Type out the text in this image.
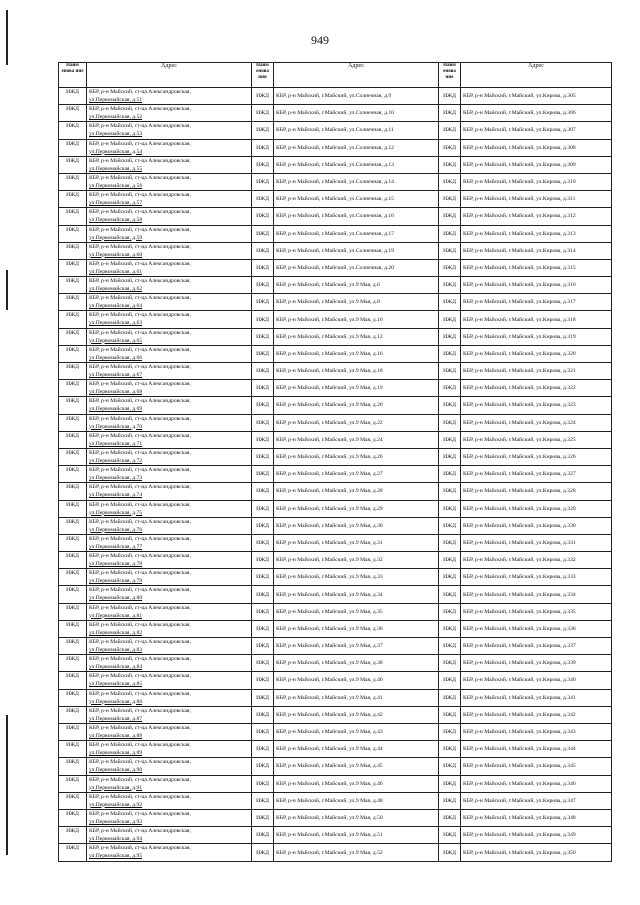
949
Наим енова ние	Адрес	Наим енова ния	Адрес	Наим енова ние	Адрес
ИЖД	КБР, р-н Майский, ст-ца Александровская,
ул.Первомайская, д.51	ИЖД	КБР, р-н Майский, г.Майский, ул.Солнечная, д.9	ИЖД	КБР, р-н Майский, г.Майский, ул.Кирова, д.305
ИЖД	КБР, р-н Майский, ст-ца Александровская,
ул.Первомайская, д.52	ИЖД	КБР, р-н Майский, г.Майский, ул.Солнечная, д.10	ИЖД	КБР, р-н Майский, г.Майский, ул.Кирова, д.306
ИЖД	КБР, р-н Майский, ст-ца Александровская,
ул.Первомайская, д.53	ИЖД	КБР, р-н Майский, г.Майский, ул.Солнечная, д.11	ИЖД	КБР, р-н Майский, г.Майский, ул.Кирова, д.307
ИЖД	КБР, р-н Майский, ст-ца Александровская,
ул.Первомайская, д.54	ИЖД	КБР, р-н Майский, г.Майский, ул.Солнечная, д.12	ИЖД	КБР, р-н Майский, г.Майский, ул.Кирова, д.308
ИЖД	КБР, р-н Майский, ст-ца Александровская,
ул.Первомайская, д.55	ИЖД	КБР, р-н Майский, г.Майский, ул.Солнечная, д.13	ИЖД	КБР, р-н Майский, г.Майский, ул.Кирова, д.309
ИЖД	КБР, р-н Майский, ст-ца Александровская,
ул.Первомайская, д.56	ИЖД	КБР, р-н Майский, г.Майский, ул.Солнечная, д.14	ИЖД	КБР, р-н Майский, г.Майский, ул.Кирова, д.310
ИЖД	КБР, р-н Майский, ст-ца Александровская,
ул.Первомайская, д.57	ИЖД	КБР, р-н Майский, г.Майский, ул.Солнечная, д.15	ИЖД	КБР, р-н Майский, г.Майский, ул.Кирова, д.311
ИЖД	КБР, р-н Майский, ст-ца Александровская,
ул.Первомайская, д.58	ИЖД	КБР, р-н Майский, г.Майский, ул.Солнечная, д.16	ИЖД	КБР, р-н Майский, г.Майский, ул.Кирова, д.312
ИЖД	КБР, р-н Майский, ст-ца Александровская,
ул.Первомайская, д.59	ИЖД	КБР, р-н Майский, г.Майский, ул.Солнечная, д.17	ИЖД	КБР, р-н Майский, г.Майский, ул.Кирова, д.313
ИЖД	КБР, р-н Майский, ст-ца Александровская,
ул.Первомайская, д.60	ИЖД	КБР, р-н Майский, г.Майский, ул.Солнечная, д.19	ИЖД	КБР, р-н Майский, г.Майский, ул.Кирова, д.314
ИЖД	КБР, р-н Майский, ст-ца Александровская,
ул.Первомайская, д.61	ИЖД	КБР, р-н Майский, г.Майский, ул.Солнечная, д.20	ИЖД	КБР, р-н Майский, г.Майский, ул.Кирова, д.315
ИЖД	КБР, р-н Майский, ст-ца Александровская,
ул.Первомайская, д.62	ИЖД	КБР, р-н Майский, г.Майский, ул.9 Мая, д.6	ИЖД	КБР, р-н Майский, г.Майский, ул.Кирова, д.316
ИЖД	КБР, р-н Майский, ст-ца Александровская,
ул.Первомайская, д.64	ИЖД	КБР, р-н Майский, г.Майский, ул.9 Мая, д.8	ИЖД	КБР, р-н Майский, г.Майский, ул.Кирова, д.317
ИЖД	КБР, р-н Майский, ст-ца Александровская,
ул.Первомайская, д.63	ИЖД	КБР, р-н Майский, г.Майский, ул.9 Мая, д.10	ИЖД	КБР, р-н Майский, г.Майский, ул.Кирова, д.318
ИЖД	КБР, р-н Майский, ст-ца Александровская,
ул.Первомайская, д.65	ИЖД	КБР, р-н Майский, г.Майский, ул.9 Мая, д.12	ИЖД	КБР, р-н Майский, г.Майский, ул.Кирова, д.319
ИЖД	КБР, р-н Майский, ст-ца Александровская,
ул.Первомайская, д.66	ИЖД	КБР, р-н Майский, г.Майский, ул.9 Мая, д.16	ИЖД	КБР, р-н Майский, г.Майский, ул.Кирова, д.320
ИЖД	КБР, р-н Майский, ст-ца Александровская,
ул.Первомайская, д.67	ИЖД	КБР, р-н Майский, г.Майский, ул.9 Мая, д.18	ИЖД	КБР, р-н Майский, г.Майский, ул.Кирова, д.321
ИЖД	КБР, р-н Майский, ст-ца Александровская,
ул.Первомайская, д.68	ИЖД	КБР, р-н Майский, г.Майский, ул.9 Мая, д.19	ИЖД	КБР, р-н Майский, г.Майский, ул.Кирова, д.322
ИЖД	КБР, р-н Майский, ст-ца Александровская,
ул.Первомайская, д.69	ИЖД	КБР, р-н Майский, г.Майский, ул.9 Мая, д.20	ИЖД	КБР, р-н Майский, г.Майский, ул.Кирова, д.323
ИЖД	КБР, р-н Майский, ст-ца Александровская,
ул.Первомайская, д.70	ИЖД	КБР, р-н Майский, г.Майский, ул.9 Мая, д.22	ИЖД	КБР, р-н Майский, г.Майский, ул.Кирова, д.324
ИЖД	КБР, р-н Майский, ст-ца Александровская,
ул.Первомайская, д.71	ИЖД	КБР, р-н Майский, г.Майский, ул.9 Мая, д.24	ИЖД	КБР, р-н Майский, г.Майский, ул.Кирова, д.325
ИЖД	КБР, р-н Майский, ст-ца Александровская,
ул.Первомайская, д.72	ИЖД	КБР, р-н Майский, г.Майский, ул.9 Мая, д.26	ИЖД	КБР, р-н Майский, г.Майский, ул.Кирова, д.326
ИЖД	КБР, р-н Майский, ст-ца Александровская,
ул.Первомайская, д.73	ИЖД	КБР, р-н Майский, г.Майский, ул.9 Мая, д.27	ИЖД	КБР, р-н Майский, г.Майский, ул.Кирова, д.327
ИЖД	КБР, р-н Майский, ст-ца Александровская,
ул.Первомайская, д.74	ИЖД	КБР, р-н Майский, г.Майский, ул.9 Мая, д.28	ИЖД	КБР, р-н Майский, г.Майский, ул.Кирова, д.328
ИЖД	КБР, р-н Майский, ст-ца Александровская,
ул.Первомайская, д.75	ИЖД	КБР, р-н Майский, г.Майский, ул.9 Мая, д.29	ИЖД	КБР, р-н Майский, г.Майский, ул.Кирова, д.329
ИЖД	КБР, р-н Майский, ст-ца Александровская,
ул.Первомайская, д.76	ИЖД	КБР, р-н Майский, г.Майский, ул.9 Мая, д.30	ИЖД	КБР, р-н Майский, г.Майский, ул.Кирова, д.330
ИЖД	КБР, р-н Майский, ст-ца Александровская,
ул.Первомайская, д.77	ИЖД	КБР, р-н Майский, г.Майский, ул.9 Мая, д.31	ИЖД	КБР, р-н Майский, г.Майский, ул.Кирова, д.331
ИЖД	КБР, р-н Майский, ст-ца Александровская,
ул.Первомайская, д.78	ИЖД	КБР, р-н Майский, г.Майский, ул.9 Мая, д.32	ИЖД	КБР, р-н Майский, г.Майский, ул.Кирова, д.332
ИЖД	КБР, р-н Майский, ст-ца Александровская,
ул.Первомайская, д.79	ИЖД	КБР, р-н Майский, г.Майский, ул.9 Мая, д.33	ИЖД	КБР, р-н Майский, г.Майский, ул.Кирова, д.333
ИЖД	КБР, р-н Майский, ст-ца Александровская,
ул.Первомайская, д.80	ИЖД	КБР, р-н Майский, г.Майский, ул.9 Мая, д.34	ИЖД	КБР, р-н Майский, г.Майский, ул.Кирова, д.334
ИЖД	КБР, р-н Майский, ст-ца Александровская,
ул.Первомайская, д.81	ИЖД	КБР, р-н Майский, г.Майский, ул.9 Мая, д.35	ИЖД	КБР, р-н Майский, г.Майский, ул.Кирова, д.335
ИЖД	КБР, р-н Майский, ст-ца Александровская,
ул.Первомайская, д.82	ИЖД	КБР, р-н Майский, г.Майский, ул.9 Мая, д.36	ИЖД	КБР, р-н Майский, г.Майский, ул.Кирова, д.336
ИЖД	КБР, р-н Майский, ст-ца Александровская,
ул.Первомайская, д.83	ИЖД	КБР, р-н Майский, г.Майский, ул.9 Мая, д.37	ИЖД	КБР, р-н Майский, г.Майский, ул.Кирова, д.337
ИЖД	КБР, р-н Майский, ст-ца Александровская,
ул.Первомайская, д.84	ИЖД	КБР, р-н Майский, г.Майский, ул.9 Мая, д.38	ИЖД	КБР, р-н Майский, г.Майский, ул.Кирова, д.339
ИЖД	КБР, р-н Майский, ст-ца Александровская,
ул.Первомайская, д.85	ИЖД	КБР, р-н Майский, г.Майский, ул.9 Мая, д.40	ИЖД	КБР, р-н Майский, г.Майский, ул.Кирова, д.340
ИЖД	КБР, р-н Майский, ст-ца Александровская,
ул.Первомайская, д.86	ИЖД	КБР, р-н Майский, г.Майский, ул.9 Мая, д.41	ИЖД	КБР, р-н Майский, г.Майский, ул.Кирова, д.341
ИЖД	КБР, р-н Майский, ст-ца Александровская,
ул.Первомайская, д.87	ИЖД	КБР, р-н Майский, г.Майский, ул.9 Мая, д.42	ИЖД	КБР, р-н Майский, г.Майский, ул.Кирова, д.342
ИЖД	КБР, р-н Майский, ст-ца Александровская,
ул.Первомайская, д.88	ИЖД	КБР, р-н Майский, г.Майский, ул.9 Мая, д.43	ИЖД	КБР, р-н Майский, г.Майский, ул.Кирова, д.343
ИЖД	КБР, р-н Майский, ст-ца Александровская,
ул.Первомайская, д.89	ИЖД	КБР, р-н Майский, г.Майский, ул.9 Мая, д.44	ИЖД	КБР, р-н Майский, г.Майский, ул.Кирова, д.344
ИЖД	КБР, р-н Майский, ст-ца Александровская,
ул.Первомайская, д.90	ИЖД	КБР, р-н Майский, г.Майский, ул.9 Мая, д.45	ИЖД	КБР, р-н Майский, г.Майский, ул.Кирова, д.345
ИЖД	КБР, р-н Майский, ст-ца Александровская,
ул.Первомайская, д.91	ИЖД	КБР, р-н Майский, г.Майский, ул.9 Мая, д.46	ИЖД	КБР, р-н Майский, г.Майский, ул.Кирова, д.346
ИЖД	КБР, р-н Майский, ст-ца Александровская,
ул.Первомайская, д.92	ИЖД	КБР, р-н Майский, г.Майский, ул.9 Мая, д.48	ИЖД	КБР, р-н Майский, г.Майский, ул.Кирова, д.347
ИЖД	КБР, р-н Майский, ст-ца Александровская,
ул.Первомайская, д.93	ИЖД	КБР, р-н Майский, г.Майский, ул.9 Мая, д.50	ИЖД	КБР, р-н Майский, г.Майский, ул.Кирова, д.348
ИЖД	КБР, р-н Майский, ст-ца Александровская,
ул.Первомайская, д.94	ИЖД	КБР, р-н Майский, г.Майский, ул.9 Мая, д.51	ИЖД	КБР, р-н Майский, г.Майский, ул.Кирова, д.349
ИЖД	КБР, р-н Майский, ст-ца Александровская,
ул.Первомайская, д.95	ИЖД	КБР, р-н Майский, г.Майский, ул.9 Мая, д.52	ИЖД	КБР, р-н Майский, г.Майский, ул.Кирова, д.350
